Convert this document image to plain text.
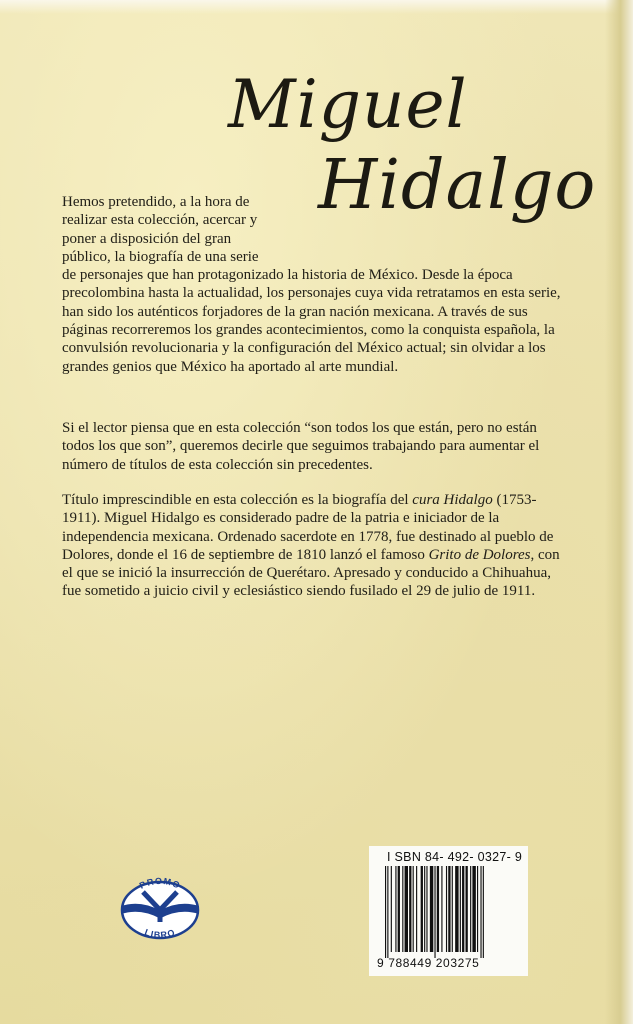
Miguel
Hidalgo
Hemos pretendido, a la hora de
realizar esta colección, acercar y
poner a disposición del gran
público, la biografía de una serie

de personajes que han protagonizado la historia de México. Desde la época precolombina hasta la actualidad, los personajes cuya vida retratamos en esta serie, han sido los auténticos forjadores de la gran nación mexicana. A través de sus páginas recorreremos los grandes acontecimientos, como la conquista española, la convulsión revolucionaria y la configuración del México actual; sin olvidar a los grandes genios que México ha aportado al arte mundial.

Si el lector piensa que en esta colección “son todos los que están, pero no están todos los que son”, queremos decirle que seguimos trabajando para aumentar el número de títulos de esta colección sin precedentes.

Título imprescindible en esta colección es la biografía del cura Hidalgo (1753-1911). Miguel Hidalgo es considerado padre de la patria e iniciador de la independencia mexicana. Ordenado sacerdote en 1778, fue destinado al pueblo de Dolores, donde el 16 de septiembre de 1810 lanzó el famoso Grito de Dolores, con el que se inició la insurrección de Querétaro. Apresado y conducido a Chihuahua, fue sometido a juicio civil y eclesiástico siendo fusilado el 29 de julio de 1911.

PROMO
LIBRO
I SBN 84- 492- 0327- 9
9 788449 203275
